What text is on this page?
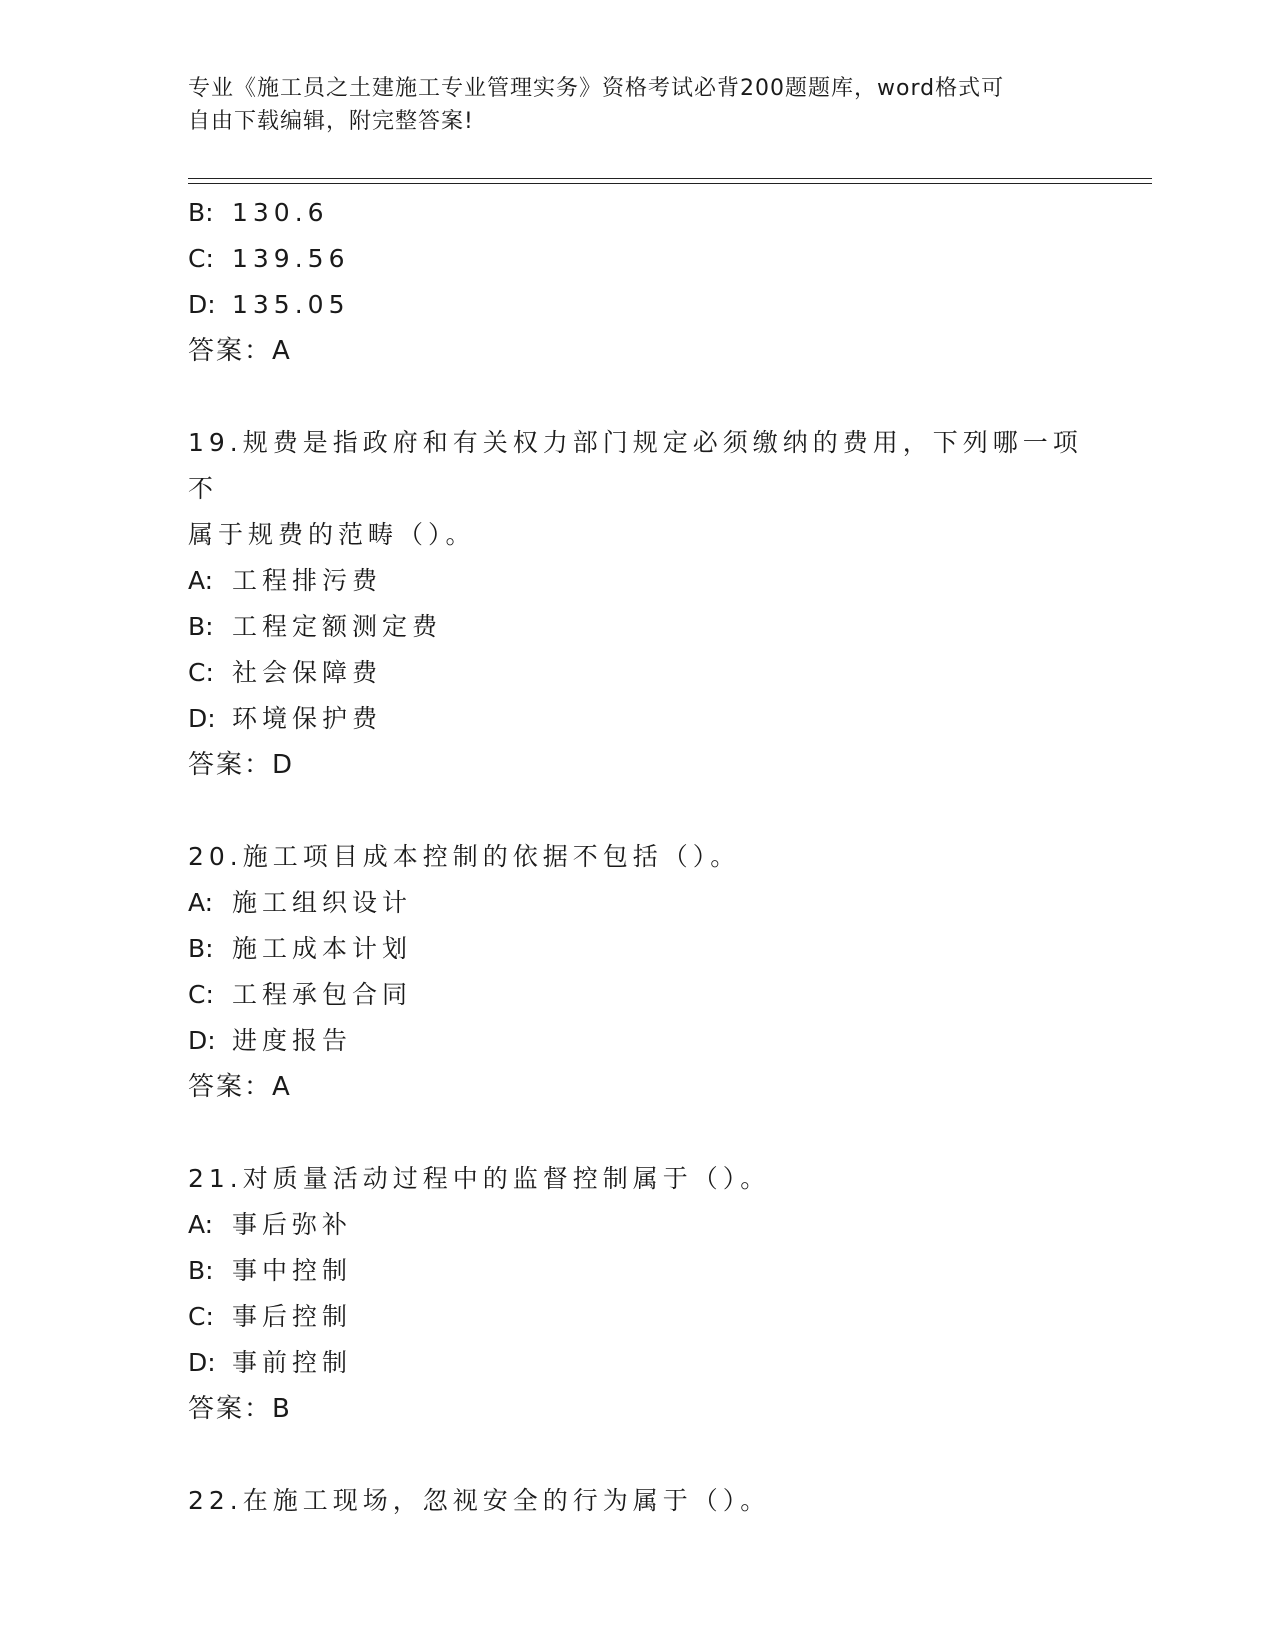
专业《施工员之土建施工专业管理实务》资格考试必背200题题库，word格式可
自由下载编辑，附完整答案!
B: 130.6
C: 139.56
D: 135.05
答案：A
19.规费是指政府和有关权力部门规定必须缴纳的费用，下列哪一项不
属于规费的范畴（）。
A: 工程排污费
B: 工程定额测定费
C: 社会保障费
D: 环境保护费
答案：D
20.施工项目成本控制的依据不包括（）。
A: 施工组织设计
B: 施工成本计划
C: 工程承包合同
D: 进度报告
答案：A
21.对质量活动过程中的监督控制属于（）。
A: 事后弥补
B: 事中控制
C: 事后控制
D: 事前控制
答案：B
22.在施工现场，忽视安全的行为属于（）。
